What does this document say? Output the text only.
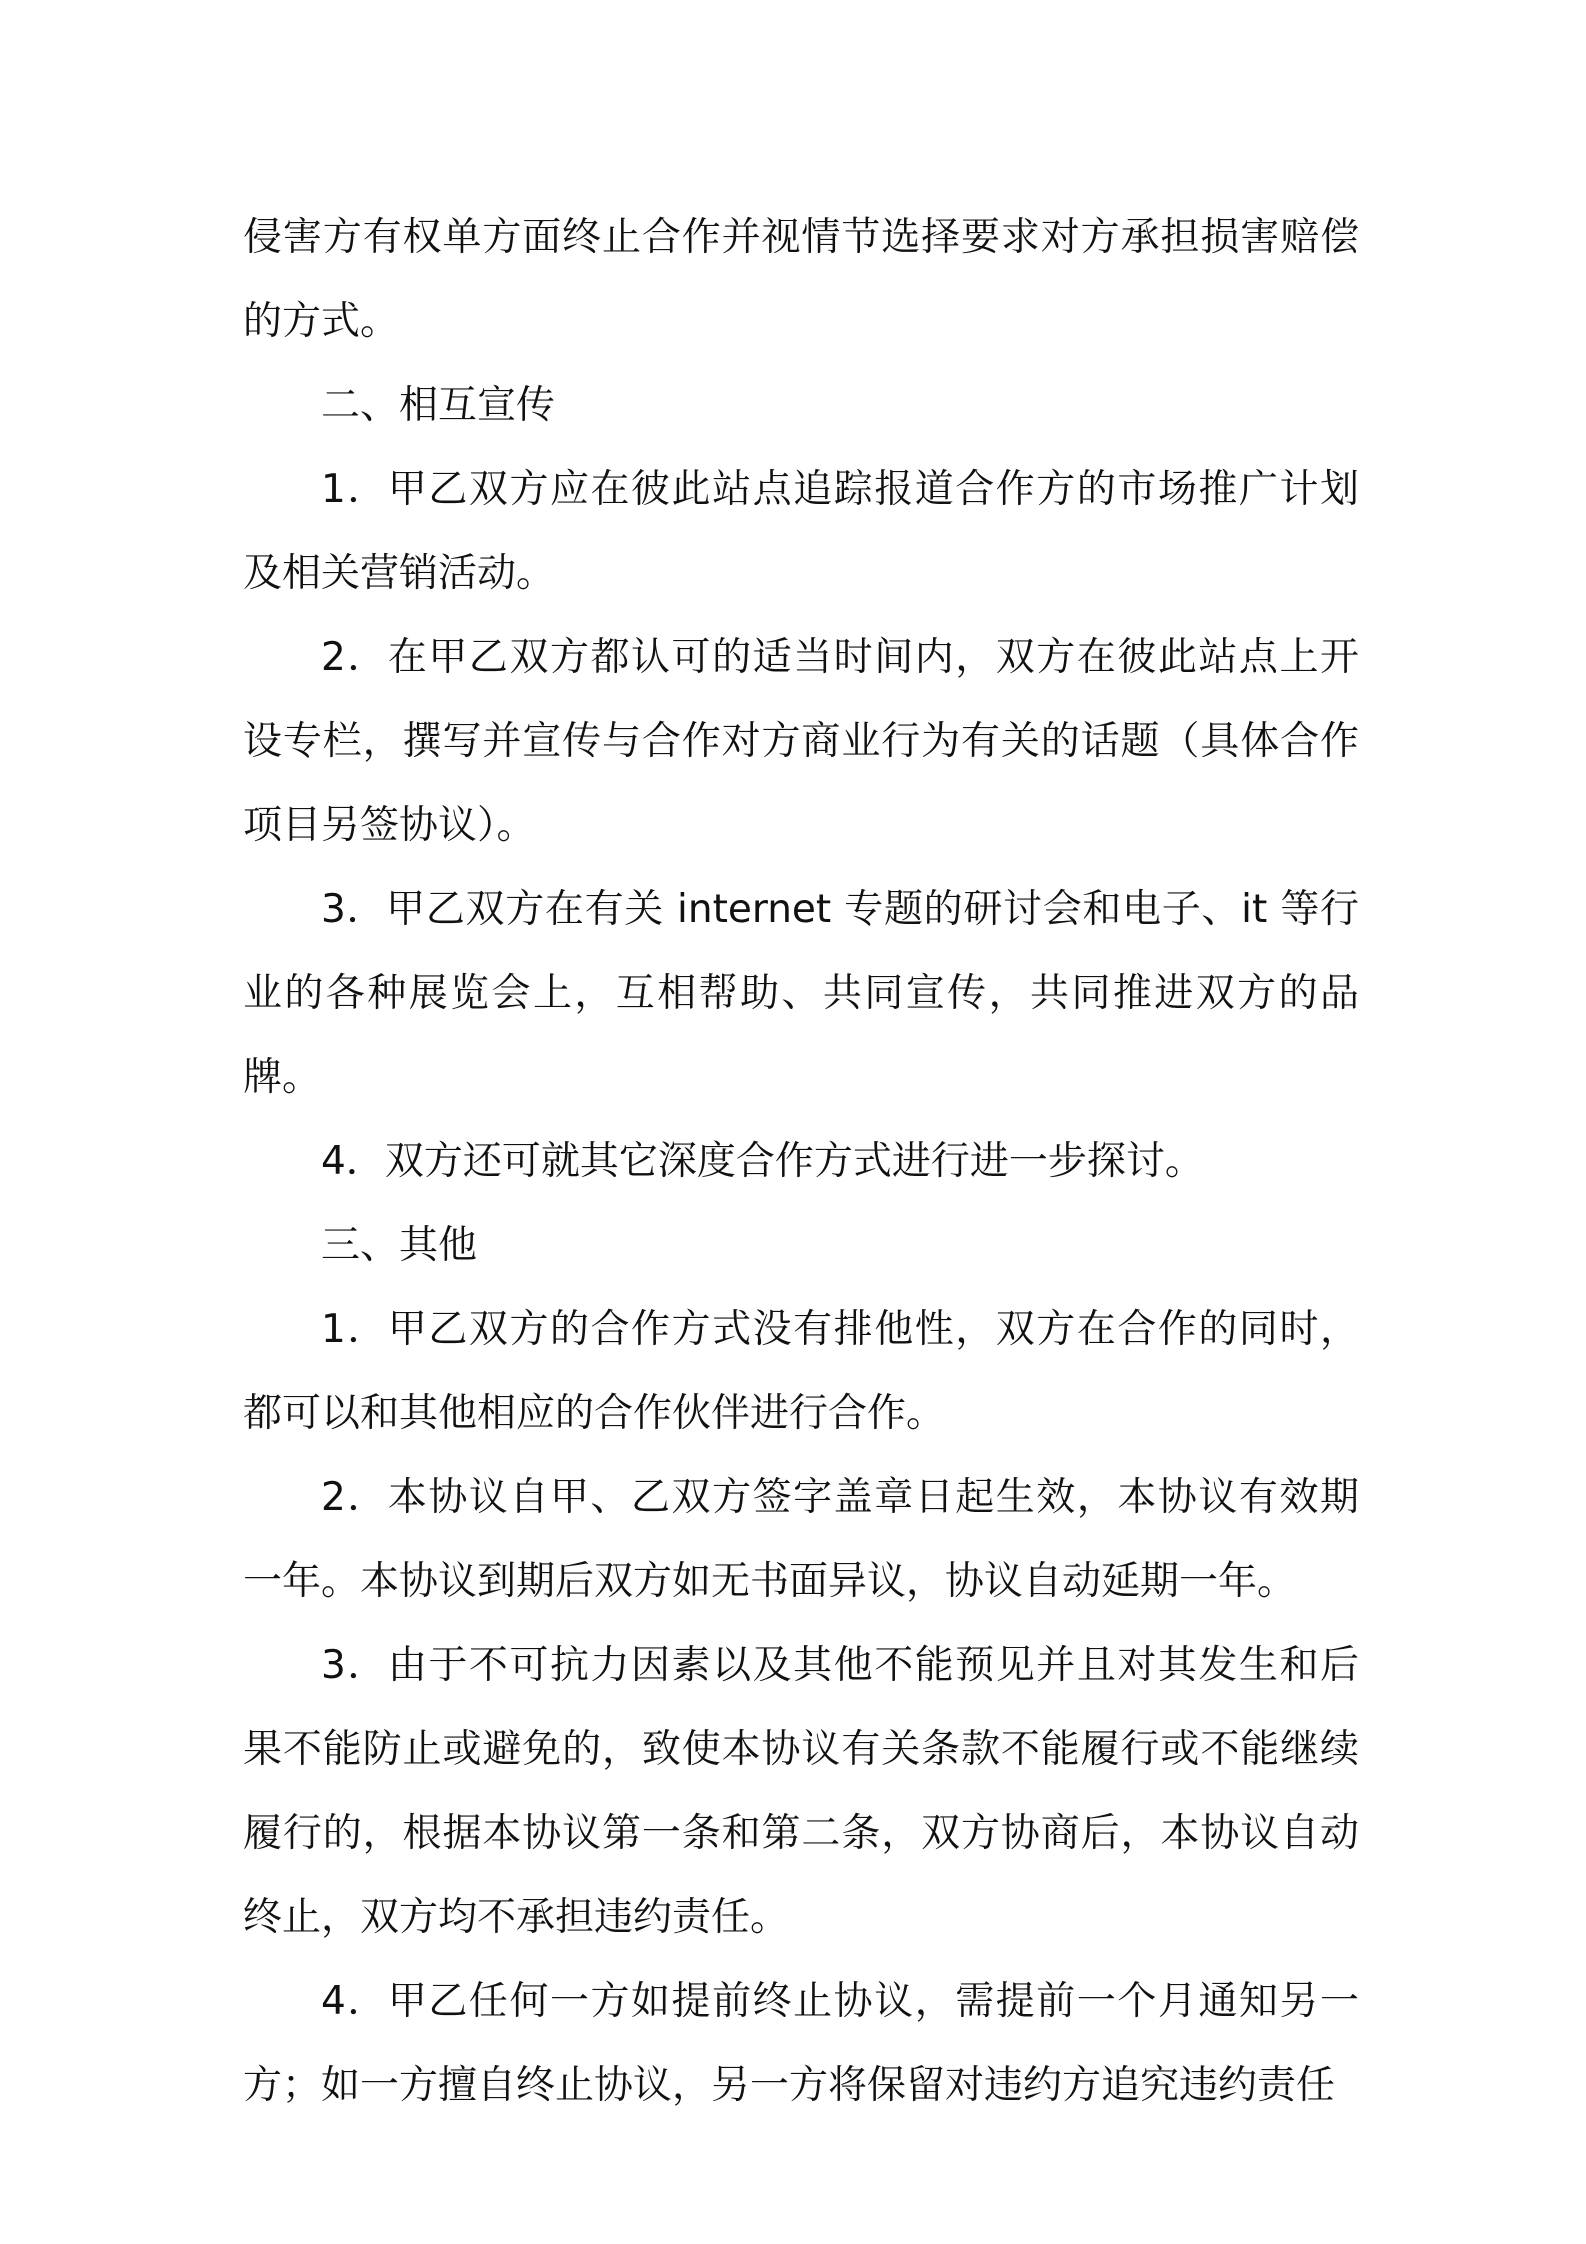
侵害方有权单方面终止合作并视情节选择要求对方承担损害赔偿的方式。

二、相互宣传

1．甲乙双方应在彼此站点追踪报道合作方的市场推广计划及相关营销活动。

2．在甲乙双方都认可的适当时间内，双方在彼此站点上开设专栏，撰写并宣传与合作对方商业行为有关的话题（具体合作项目另签协议）。

3．甲乙双方在有关 internet 专题的研讨会和电子、it 等行业的各种展览会上，互相帮助、共同宣传，共同推进双方的品牌。

4．双方还可就其它深度合作方式进行进一步探讨。

三、其他

1．甲乙双方的合作方式没有排他性，双方在合作的同时，都可以和其他相应的合作伙伴进行合作。

2．本协议自甲、乙双方签字盖章日起生效，本协议有效期一年。本协议到期后双方如无书面异议，协议自动延期一年。

3．由于不可抗力因素以及其他不能预见并且对其发生和后果不能防止或避免的，致使本协议有关条款不能履行或不能继续履行的，根据本协议第一条和第二条，双方协商后，本协议自动终止，双方均不承担违约责任。

4．甲乙任何一方如提前终止协议，需提前一个月通知另一方；如一方擅自终止协议，另一方将保留对违约方追究违约责任
